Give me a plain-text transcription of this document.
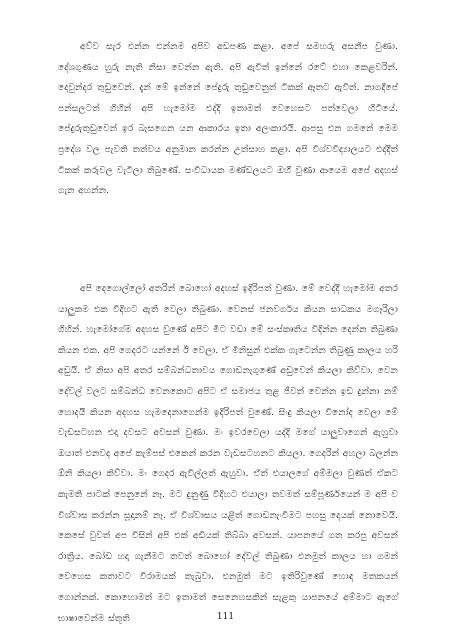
අව්ව සැර එන්න එන්නම අපිව අඩපණ කළා. අපේ සමහරු අසනීප වුණා. දේශගුණය හුරු නැති නිසා වෙන්න ඇති. අපි ඇවිත් ඉන්නේ රටේ එහා කෙළවරින්. දෙවුන්දර තුඩුවෙන්. දැන් මේ ඉන්නේ පේදුරු තුඩුවෙනුත් ටිකක් ඈතට ඇවිත්. නාගදීපේ පන්සලටත් ගිහින් අපි හැමෝම එද්දි ඉතාමත් වෙහෙසට පත්වෙලා හිටියේ. පේදුරුතුඩුවෙන් ඉර බැසගෙන යන ආකාරය ඉතා අලංකාරයි. ආපසු එන ගමනේ මෙම ප්‍රදේශ වල පැවති තත්වය අනුමාන කරන්න උත්සාහ කළා. අපි විශ්වවිද්‍යාලයට එද්දීත් ටිකක් කරුවල වැටිලා තිබුණේ. සංවිධායක මණ්ඩලයට ඔහී වුණා ආයෙම අපේ අදහස් ගැන අහන්න.

අපි දෙගොල්ලෝ අතරින් බොහෝ අදහස් ඉදිරිපත් වුණා. මේ වෙද්දී හැමෝම අතර යාලුකම එක විදිහට ඇති වෙලා තිබුණා. වෙනස් ජනවර්ගය කියන සාධකය මගෑරිලා ගිහින්. හැමෝගේම අදහස වුණේ අපිට මීට වඩා මේ සංස්කෘතිය විදින්න දෙන්න තිබුණා කියන එක. අපි ගෙදරට යන්නේ ඊ වෙලා. ඒ මිනිසුන් එක්ක ගැටෙන්න තිබුණු කාලය හරි අඩුයි. ඒ නිසා අපි අතර සම්බන්ධතාවය ගොඩනැගුණේ අඩුවෙන් කියලා කිව්වා. වෙන දේවල් වලට සම්බන්ධ වෙනකොට අපිට ඒ සමාජය තුළ ජීවත් වෙන්න ඉඩ දුන්නා නම් හොදයි කියන අදහස හැමදෙනාගෙන්ම ඉදිරිපත් වුණේ. සිංදු කියලා විනෝද වෙලා මේ වැඩසටහන එදා දවසට අවසන් වුණා. මං ඉවරවෙලා යද්දි මගේ යාලුවාගෙන් ඇහුවා ඔයාත් එනවද අපේ කැම්පස් එකෙන් කරන වැඩසටහනට කියලා. ගෙදරින් අහලා බලන්න ඕනි කියලා කිව්වා. මං ගෙදර ඇවිල්ලත් ඇහුවා. ඒත් එයාලගේ අම්මලා වුණත් ඒකට කැමති පාටක් පෙනුනේ නෑ. මට දුනුණු විදිහට එයාලා තවමත් සම්පූර්ණයෙන් ම අපි ව විශ්වාස කරන්න සූදානම් නෑ. ඒ විශ්වාසය යළිත් ගොඩනැංවීමට පහසු දෙයක් නොවෙයි. කෙසේ වුවත් අප විසින් අපි එක් අඩියක් තිබ්බා අවසන්. යාපනයේ ගත කරපු අවසන් රාත්‍රිය. බෝඩ හදා ගැනීමට තවත් බොහෝ දේවල් තිබුණා එනමුත් කාලය හා ගමන් වෙහෙස කතාවට විරාමයක් තැබුවා. එනමුත් මට ඉතිරිවුණේ හොඳ මතකයන් ගොන්නක්. කොහොමත් මට ඉතාමත් සෙනෙහසකින් සැළකු යාපනයේ අම්මාට ඇගේ භාෂාවෙන්ම ස්තූති	111
